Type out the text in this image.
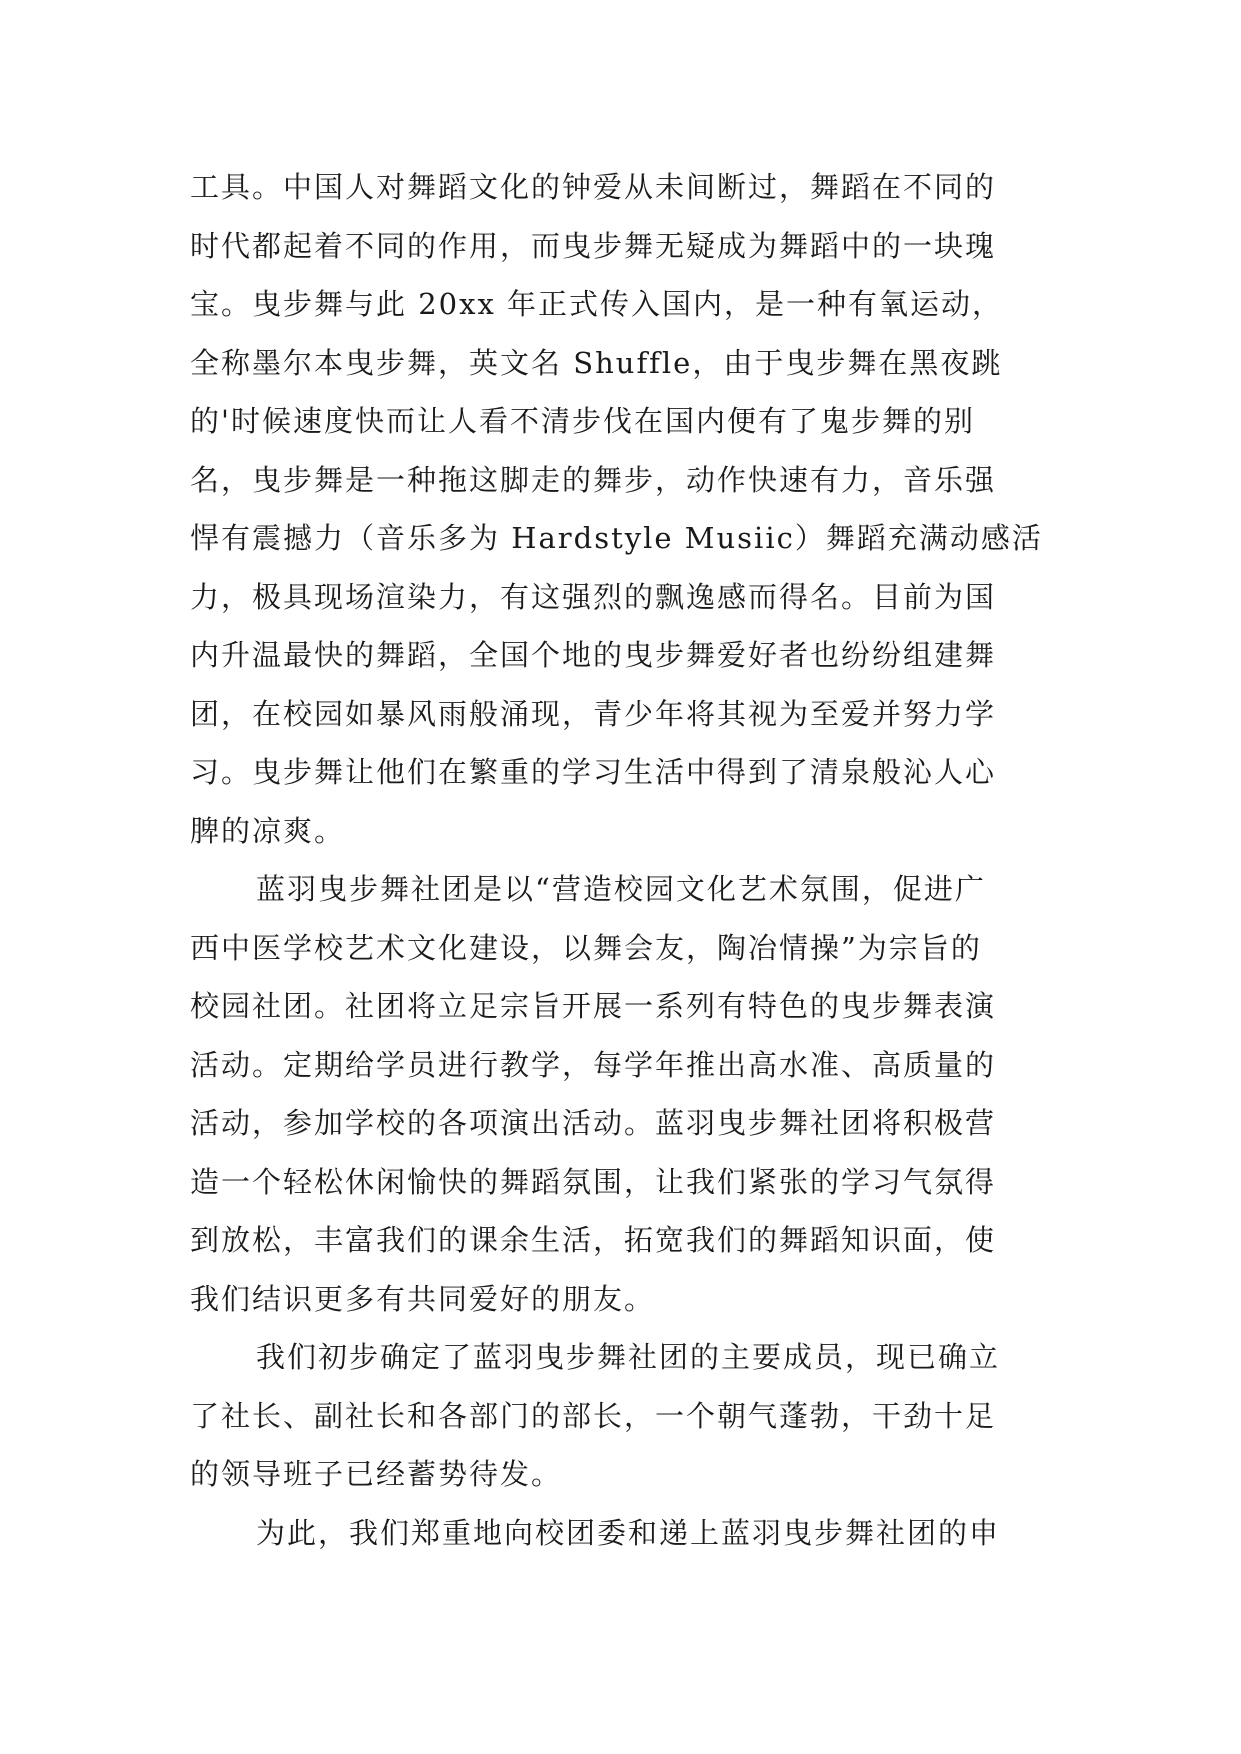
工具。中国人对舞蹈文化的钟爱从未间断过，舞蹈在不同的
时代都起着不同的作用，而曳步舞无疑成为舞蹈中的一块瑰
宝。曳步舞与此 20xx 年正式传入国内，是一种有氧运动，
全称墨尔本曳步舞，英文名 Shuffle，由于曳步舞在黑夜跳
的'时候速度快而让人看不清步伐在国内便有了鬼步舞的别
名，曳步舞是一种拖这脚走的舞步，动作快速有力，音乐强
悍有震撼力（音乐多为 Hardstyle Musiic）舞蹈充满动感活
力，极具现场渲染力，有这强烈的飘逸感而得名。目前为国
内升温最快的舞蹈，全国个地的曳步舞爱好者也纷纷组建舞
团，在校园如暴风雨般涌现，青少年将其视为至爱并努力学
习。曳步舞让他们在繁重的学习生活中得到了清泉般沁人心
脾的凉爽。
蓝羽曳步舞社团是以“营造校园文化艺术氛围，促进广
西中医学校艺术文化建设，以舞会友，陶冶情操”为宗旨的
校园社团。社团将立足宗旨开展一系列有特色的曳步舞表演
活动。定期给学员进行教学，每学年推出高水准、高质量的
活动，参加学校的各项演出活动。蓝羽曳步舞社团将积极营
造一个轻松休闲愉快的舞蹈氛围，让我们紧张的学习气氛得
到放松，丰富我们的课余生活，拓宽我们的舞蹈知识面，使
我们结识更多有共同爱好的朋友。
我们初步确定了蓝羽曳步舞社团的主要成员，现已确立
了社长、副社长和各部门的部长，一个朝气蓬勃，干劲十足
的领导班子已经蓄势待发。
为此，我们郑重地向校团委和递上蓝羽曳步舞社团的申
